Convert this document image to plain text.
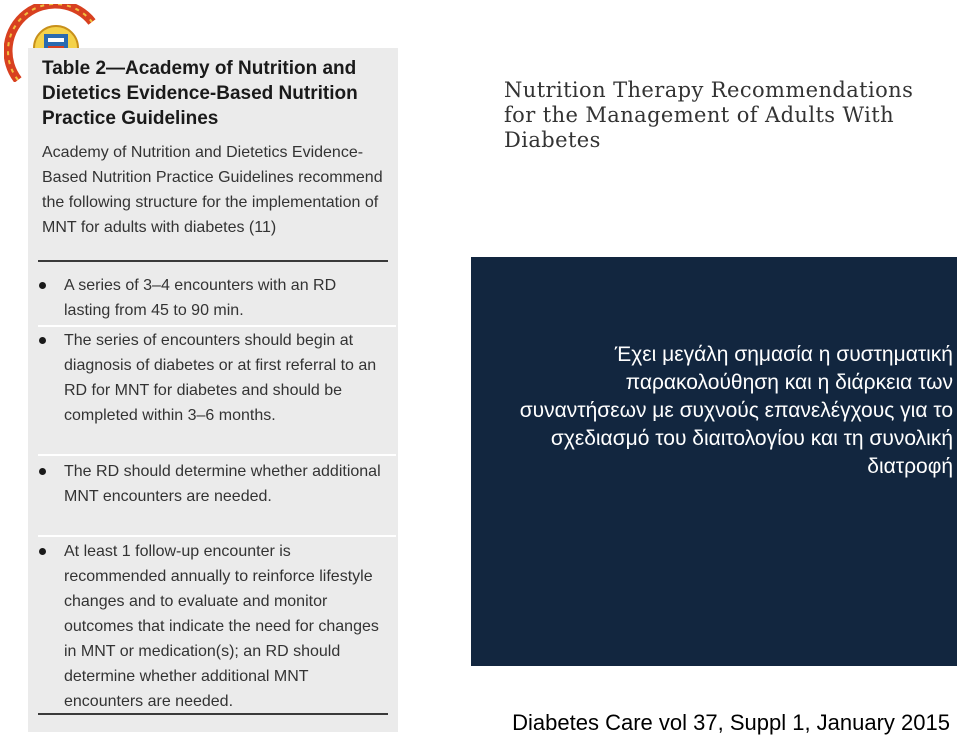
Table 2—Academy of Nutrition and Dietetics Evidence-Based Nutrition Practice Guidelines
Academy of Nutrition and Dietetics Evidence-Based Nutrition Practice Guidelines recommend the following structure for the implementation of MNT for adults with diabetes (11)
A series of 3–4 encounters with an RD lasting from 45 to 90 min.
The series of encounters should begin at diagnosis of diabetes or at first referral to an RD for MNT for diabetes and should be completed within 3–6 months.
The RD should determine whether additional MNT encounters are needed.
At least 1 follow-up encounter is recommended annually to reinforce lifestyle changes and to evaluate and monitor outcomes that indicate the need for changes in MNT or medication(s); an RD should determine whether additional MNT encounters are needed.
Nutrition Therapy Recommendations for the Management of Adults With Diabetes
Έχει μεγάλη σημασία η συστηματική παρακολούθηση και η διάρκεια των συναντήσεων με συχνούς επανελέγχους για το σχεδιασμό του διαιτολογίου και τη συνολική διατροφή
Diabetes Care vol 37, Suppl 1, January 2015
